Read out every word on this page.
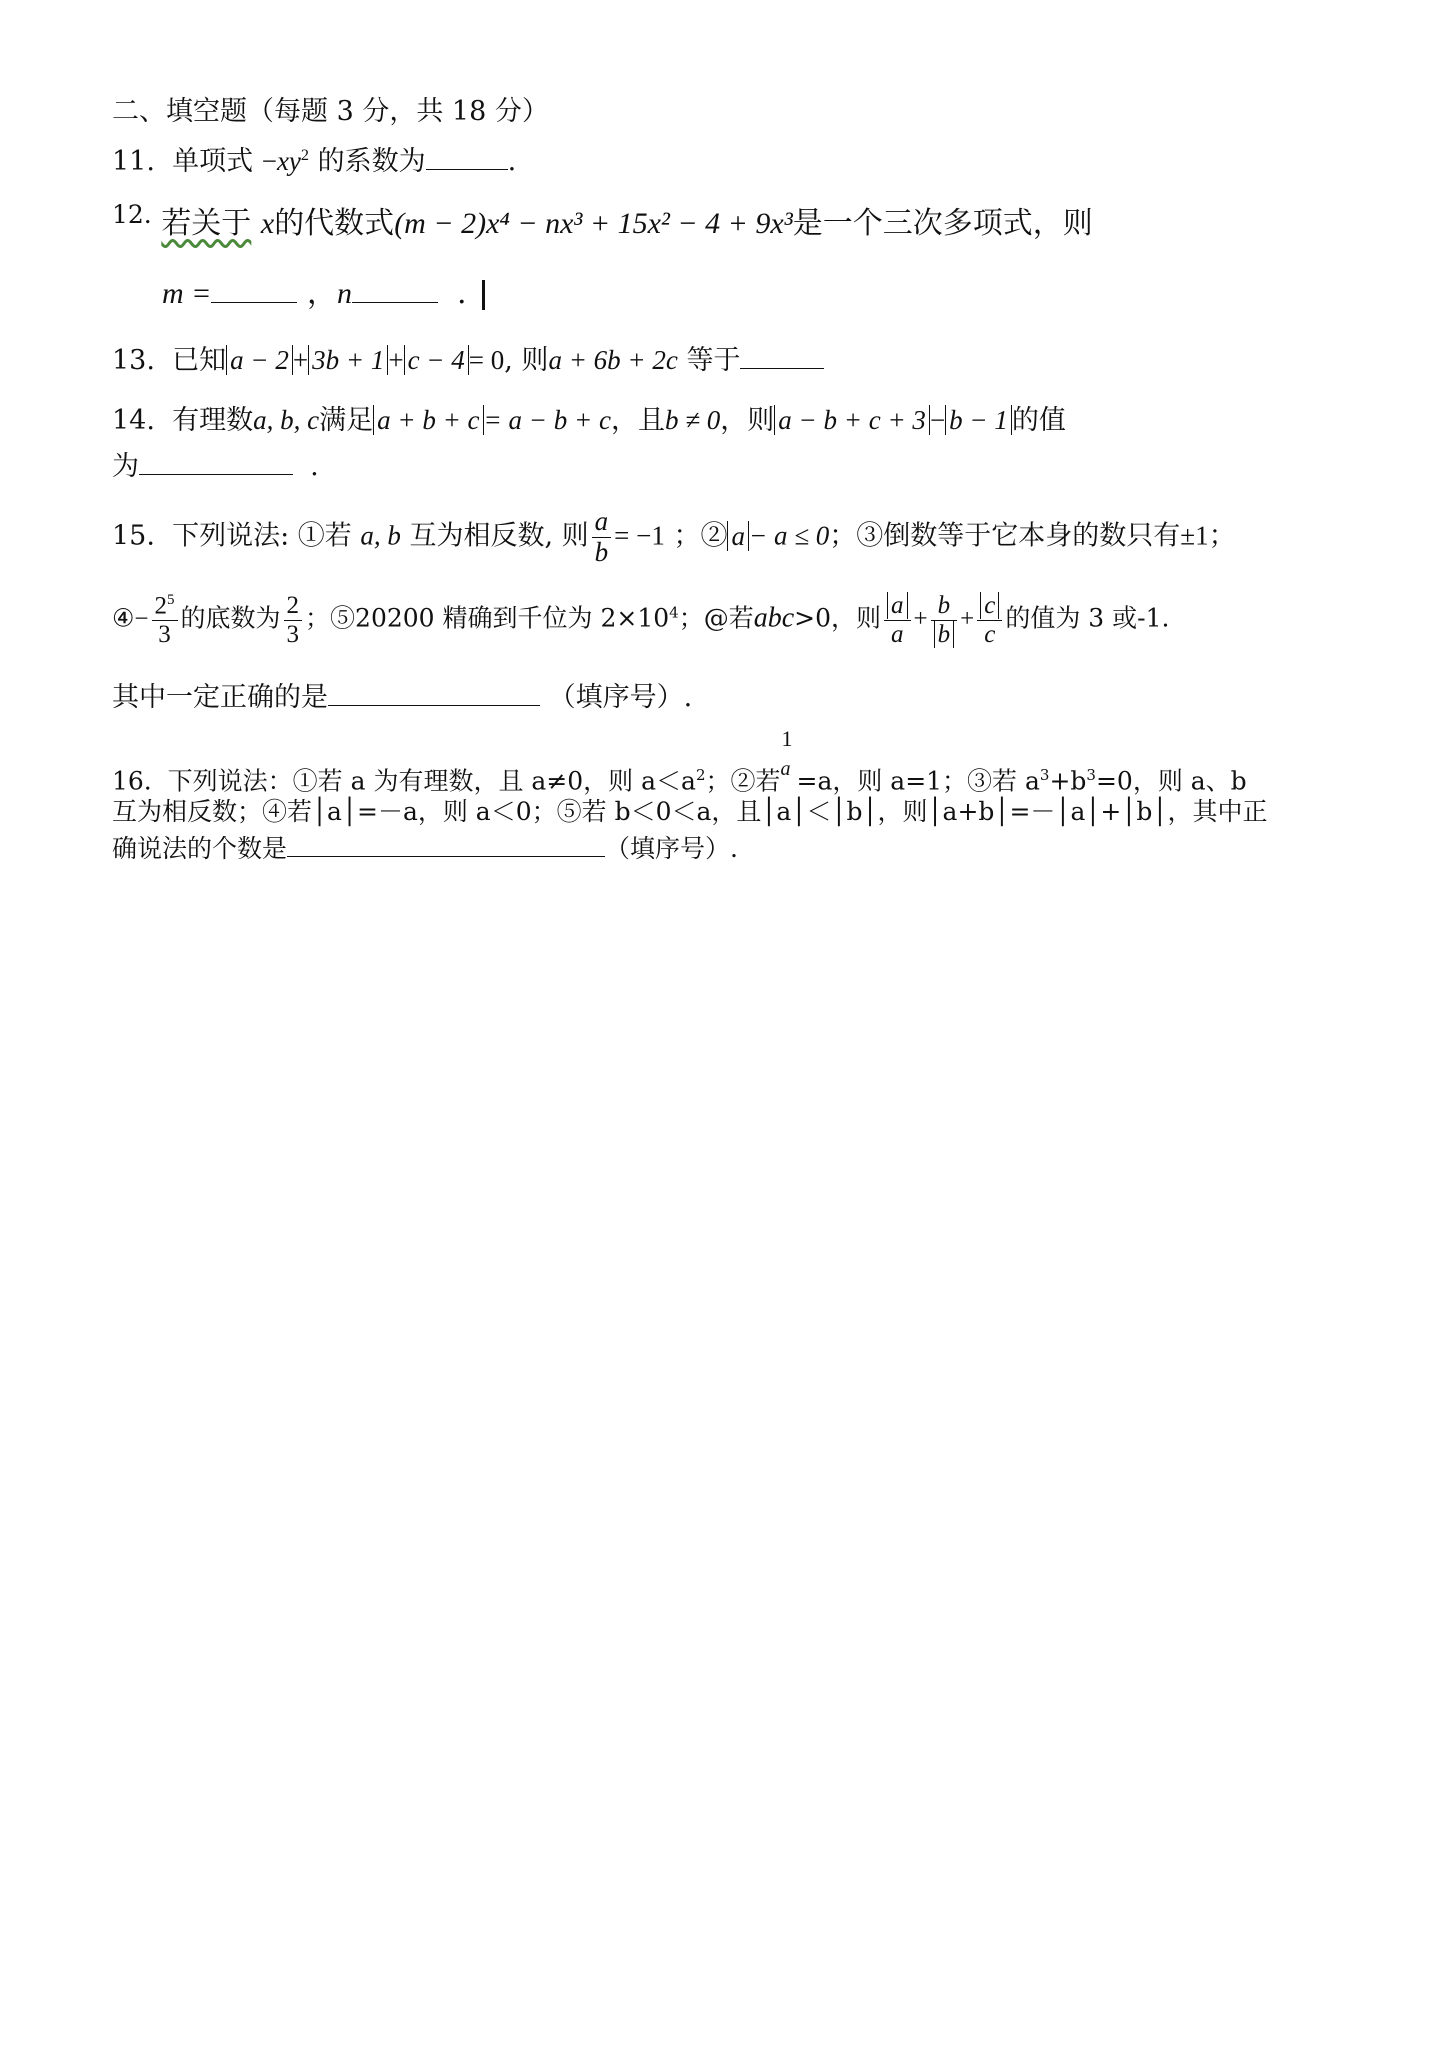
二、填空题（每题 3 分，共 18 分）
11. 单项式 $-xy^2$ 的系数为	.
$^{12.}$ 若关于 x的代数式(m − 2)x⁴ − nx³ + 15x² − 4 + 9x³是一个三次多项式，则
m =	，n	.
13. 已知 a − 2 + 3b + 1 + c − 4 = 0, 则a + 6b + 2c 等于
14. 有理数a, b, c满足 a + b + c = a − b + c，且b ≠ 0，则 a − b + c + 3 − b − 1 的值
为	.
15. 下列说法: ①若 a, b 互为相反数, 则 $\frac{a}{b} = -1$ ；② a − a ≤ 0；③倒数等于它本身的数只有±1；
④− $\frac{2^5}{3}$ 的底数为 $\frac{2}{3}$ ；⑤20200 精确到千位为 $2\times 10^4$；@若abc>0，则 $\frac{a}{a} + \frac{b}{b} + \frac{c}{c}$ 的值为 3 或-1.
其中一定正确的是	（填序号）.
16. 下列说法：①若 a 为有理数，且 a≠0，则 $a<a^2$；②若
1
a =a，则 a=1；③若 $a^3+b^3=0$，则 a、b
互为相反数；④若│a│=－a，则 a＜0；⑤若 b＜0＜a，且│a│＜│b│，则│a+b│=－│a│+│b│，其中正
确说法的个数是	（填序号）.
